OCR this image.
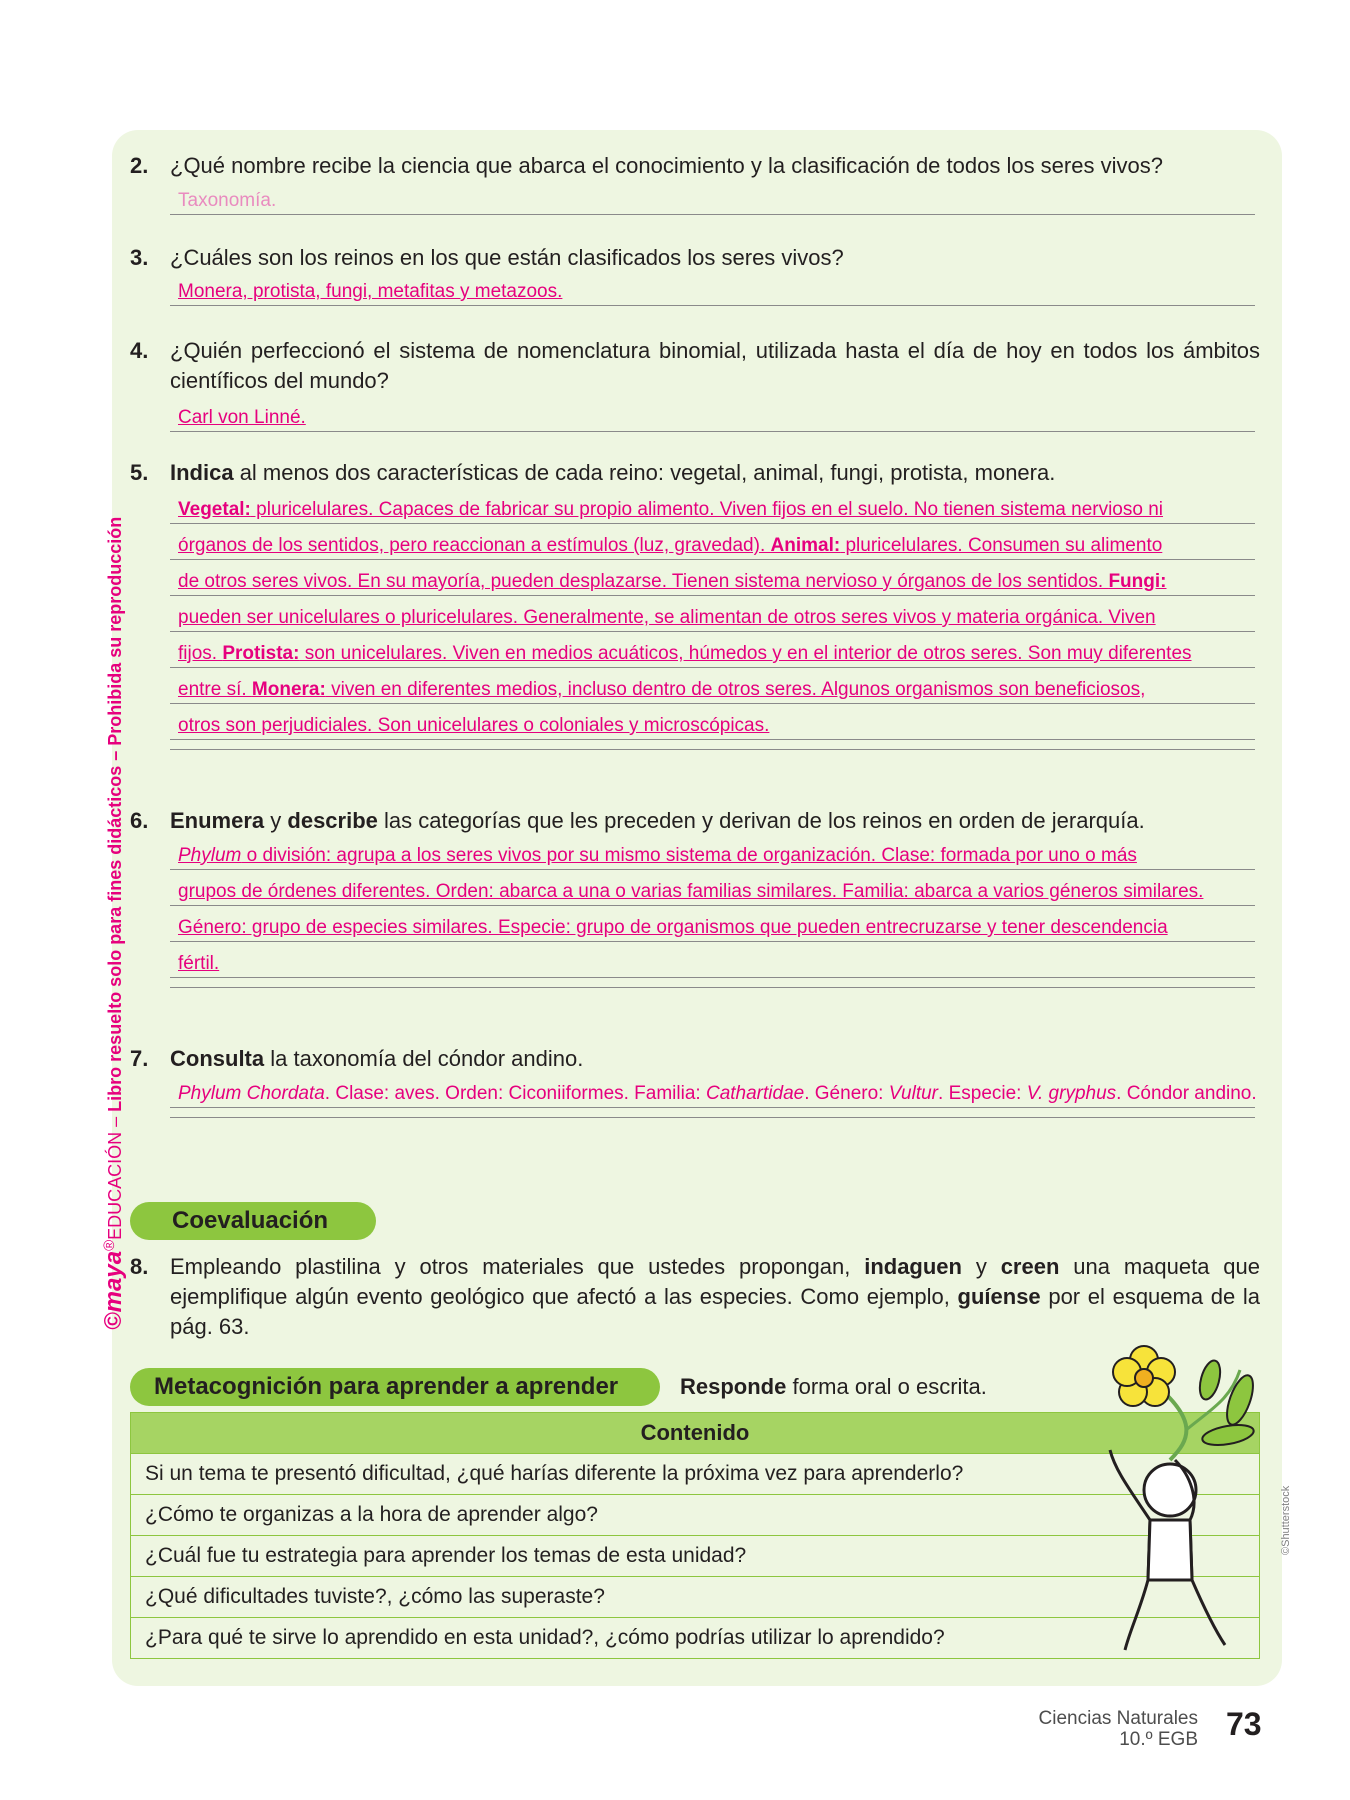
©maya®EDUCACIÓN – Libro resuelto solo para fines didácticos – Prohibida su reproducción
2. ¿Qué nombre recibe la ciencia que abarca el conocimiento y la clasificación de todos los seres vivos?
Taxonomía.
3. ¿Cuáles son los reinos en los que están clasificados los seres vivos?
Monera, protista, fungi, metafitas y metazoos.
4. ¿Quién perfeccionó el sistema de nomenclatura binomial, utilizada hasta el día de hoy en todos los ámbitos científicos del mundo?
Carl von Linné.
5. Indica al menos dos características de cada reino: vegetal, animal, fungi, protista, monera.
Vegetal: pluricelulares. Capaces de fabricar su propio alimento. Viven fijos en el suelo. No tienen sistema nervioso ni
órganos de los sentidos, pero reaccionan a estímulos (luz, gravedad). Animal: pluricelulares. Consumen su alimento
de otros seres vivos. En su mayoría, pueden desplazarse. Tienen sistema nervioso y órganos de los sentidos. Fungi:
pueden ser unicelulares o pluricelulares. Generalmente, se alimentan de otros seres vivos y materia orgánica. Viven
fijos. Protista: son unicelulares. Viven en medios acuáticos, húmedos y en el interior de otros seres. Son muy diferentes
entre sí. Monera: viven en diferentes medios, incluso dentro de otros seres. Algunos organismos son beneficiosos,
otros son perjudiciales. Son unicelulares o coloniales y microscópicas.
6. Enumera y describe las categorías que les preceden y derivan de los reinos en orden de jerarquía.
Phylum o división: agrupa a los seres vivos por su mismo sistema de organización. Clase: formada por uno o más
grupos de órdenes diferentes. Orden: abarca a una o varias familias similares. Familia: abarca a varios géneros similares.
Género: grupo de especies similares. Especie: grupo de organismos que pueden entrecruzarse y tener descendencia
fértil.
7. Consulta la taxonomía del cóndor andino.
Phylum Chordata. Clase: aves. Orden: Ciconiiformes. Familia: Cathartidae. Género: Vultur. Especie: V. gryphus. Cóndor andino.
Coevaluación
8. Empleando plastilina y otros materiales que ustedes propongan, indaguen y creen una maqueta que ejemplifique algún evento geológico que afectó a las especies. Como ejemplo, guíense por el esquema de la pág. 63.
Metacognición para aprender a aprender	Responde forma oral o escrita.
Contenido
Si un tema te presentó dificultad, ¿qué harías diferente la próxima vez para aprenderlo?
¿Cómo te organizas a la hora de aprender algo?
¿Cuál fue tu estrategia para aprender los temas de esta unidad?
¿Qué dificultades tuviste?, ¿cómo las superaste?
¿Para qué te sirve lo aprendido en esta unidad?, ¿cómo podrías utilizar lo aprendido?
©Shutterstock
Ciencias Naturales
10.º EGB 73
